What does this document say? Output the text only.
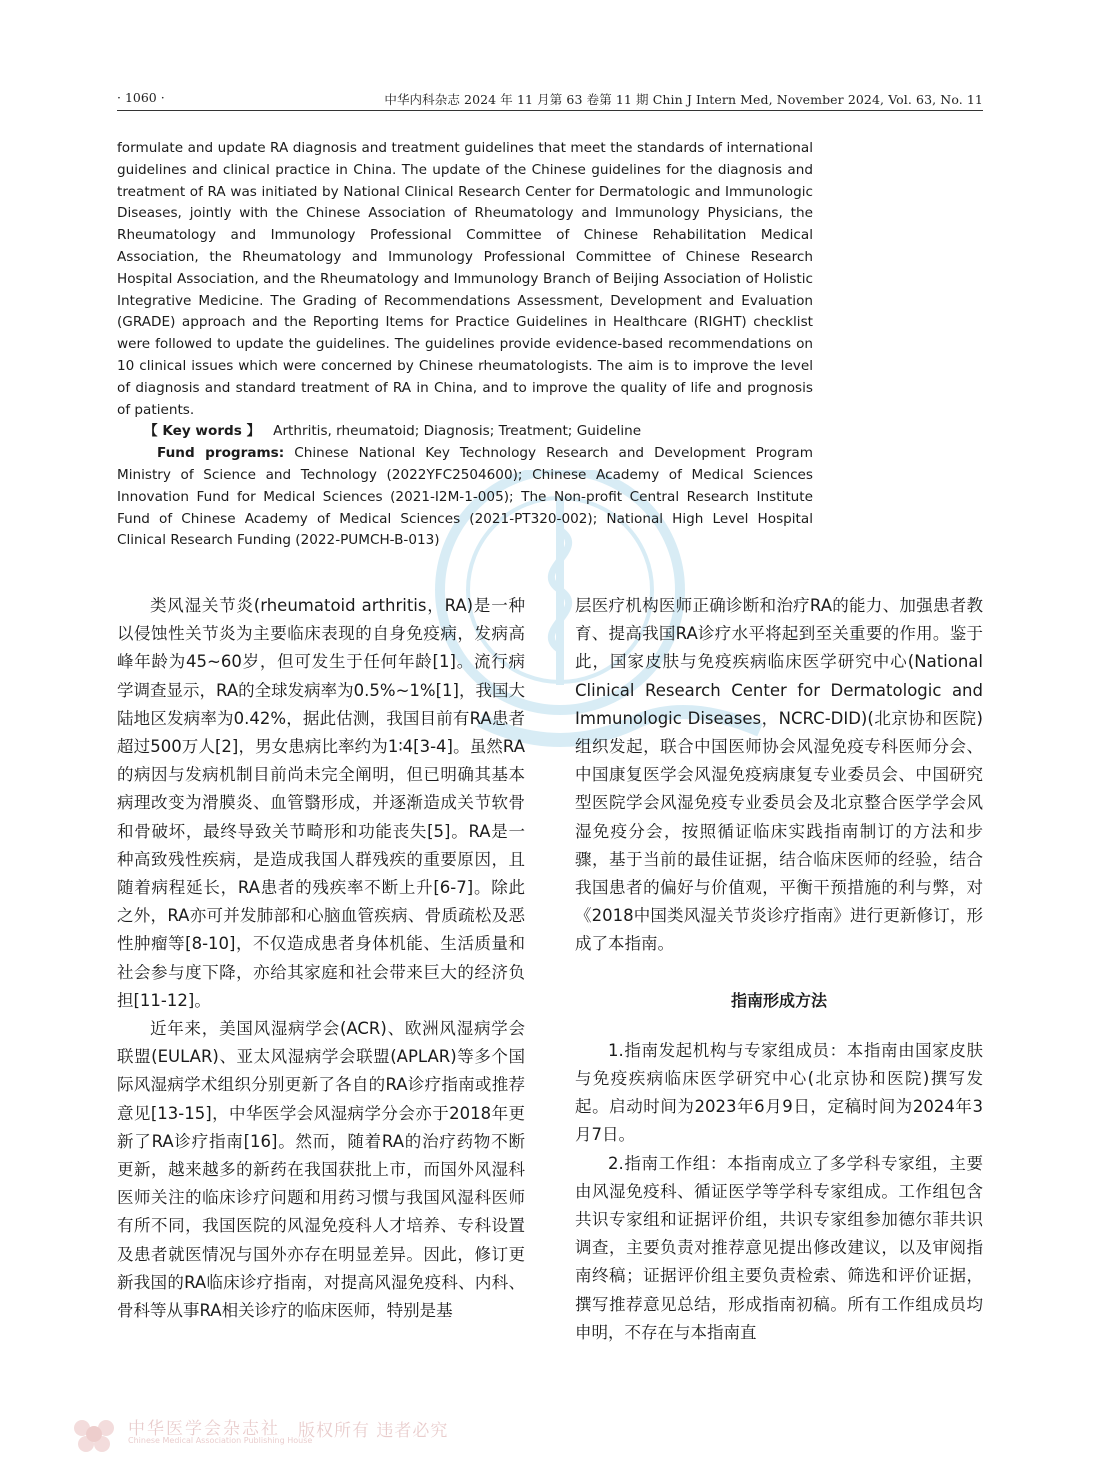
· 1060 ·	中华内科杂志 2024 年 11 月第 63 卷第 11 期 Chin J Intern Med, November 2024, Vol. 63, No. 11

formulate and update RA diagnosis and treatment guidelines that meet the standards of international guidelines and clinical practice in China. The update of the Chinese guidelines for the diagnosis and treatment of RA was initiated by National Clinical Research Center for Dermatologic and Immunologic Diseases, jointly with the Chinese Association of Rheumatology and Immunology Physicians, the Rheumatology and Immunology Professional Committee of Chinese Rehabilitation Medical Association, the Rheumatology and Immunology Professional Committee of Chinese Research Hospital Association, and the Rheumatology and Immunology Branch of Beijing Association of Holistic Integrative Medicine. The Grading of Recommendations Assessment, Development and Evaluation (GRADE) approach and the Reporting Items for Practice Guidelines in Healthcare (RIGHT) checklist were followed to update the guidelines. The guidelines provide evidence-based recommendations on 10 clinical issues which were concerned by Chinese rheumatologists. The aim is to improve the level of diagnosis and standard treatment of RA in China, and to improve the quality of life and prognosis of patients.

【 Key words 】 Arthritis, rheumatoid; Diagnosis; Treatment; Guideline

Fund programs: Chinese National Key Technology Research and Development Program Ministry of Science and Technology (2022YFC2504600); Chinese Academy of Medical Sciences Innovation Fund for Medical Sciences (2021-I2M-1-005); The Non-profit Central Research Institute Fund of Chinese Academy of Medical Sciences (2021-PT320-002); National High Level Hospital Clinical Research Funding (2022-PUMCH-B-013)

类风湿关节炎(rheumatoid arthritis，RA)是一种以侵蚀性关节炎为主要临床表现的自身免疫病，发病高峰年龄为45~60岁，但可发生于任何年龄[1]。流行病学调查显示，RA的全球发病率为0.5%~1%[1]，我国大陆地区发病率为0.42%，据此估测，我国目前有RA患者超过500万人[2]，男女患病比率约为1∶4[3-4]。虽然RA的病因与发病机制目前尚未完全阐明，但已明确其基本病理改变为滑膜炎、血管翳形成，并逐渐造成关节软骨和骨破坏，最终导致关节畸形和功能丧失[5]。RA是一种高致残性疾病，是造成我国人群残疾的重要原因，且随着病程延长，RA患者的残疾率不断上升[6-7]。除此之外，RA亦可并发肺部和心脑血管疾病、骨质疏松及恶性肿瘤等[8-10]，不仅造成患者身体机能、生活质量和社会参与度下降，亦给其家庭和社会带来巨大的经济负担[11-12]。

近年来，美国风湿病学会(ACR)、欧洲风湿病学会联盟(EULAR)、亚太风湿病学会联盟(APLAR)等多个国际风湿病学术组织分别更新了各自的RA诊疗指南或推荐意见[13-15]，中华医学会风湿病学分会亦于2018年更新了RA诊疗指南[16]。然而，随着RA的治疗药物不断更新，越来越多的新药在我国获批上市，而国外风湿科医师关注的临床诊疗问题和用药习惯与我国风湿科医师有所不同，我国医院的风湿免疫科人才培养、专科设置及患者就医情况与国外亦存在明显差异。因此，修订更新我国的RA临床诊疗指南，对提高风湿免疫科、内科、骨科等从事RA相关诊疗的临床医师，特别是基

层医疗机构医师正确诊断和治疗RA的能力、加强患者教育、提高我国RA诊疗水平将起到至关重要的作用。鉴于此，国家皮肤与免疫疾病临床医学研究中心(National Clinical Research Center for Dermatologic and Immunologic Diseases，NCRC-DID)(北京协和医院)组织发起，联合中国医师协会风湿免疫专科医师分会、中国康复医学会风湿免疫病康复专业委员会、中国研究型医院学会风湿免疫专业委员会及北京整合医学学会风湿免疫分会，按照循证临床实践指南制订的方法和步骤，基于当前的最佳证据，结合临床医师的经验，结合我国患者的偏好与价值观，平衡干预措施的利与弊，对《2018中国类风湿关节炎诊疗指南》进行更新修订，形成了本指南。

指南形成方法

1.指南发起机构与专家组成员：本指南由国家皮肤与免疫疾病临床医学研究中心(北京协和医院)撰写发起。启动时间为2023年6月9日，定稿时间为2024年3月7日。

2.指南工作组：本指南成立了多学科专家组，主要由风湿免疫科、循证医学等学科专家组成。工作组包含共识专家组和证据评价组，共识专家组参加德尔菲共识调查，主要负责对推荐意见提出修改建议，以及审阅指南终稿；证据评价组主要负责检索、筛选和评价证据，撰写推荐意见总结，形成指南初稿。所有工作组成员均申明，不存在与本指南直

中华医学会杂志社
Chinese Medical Association Publishing House
版权所有 违者必究
